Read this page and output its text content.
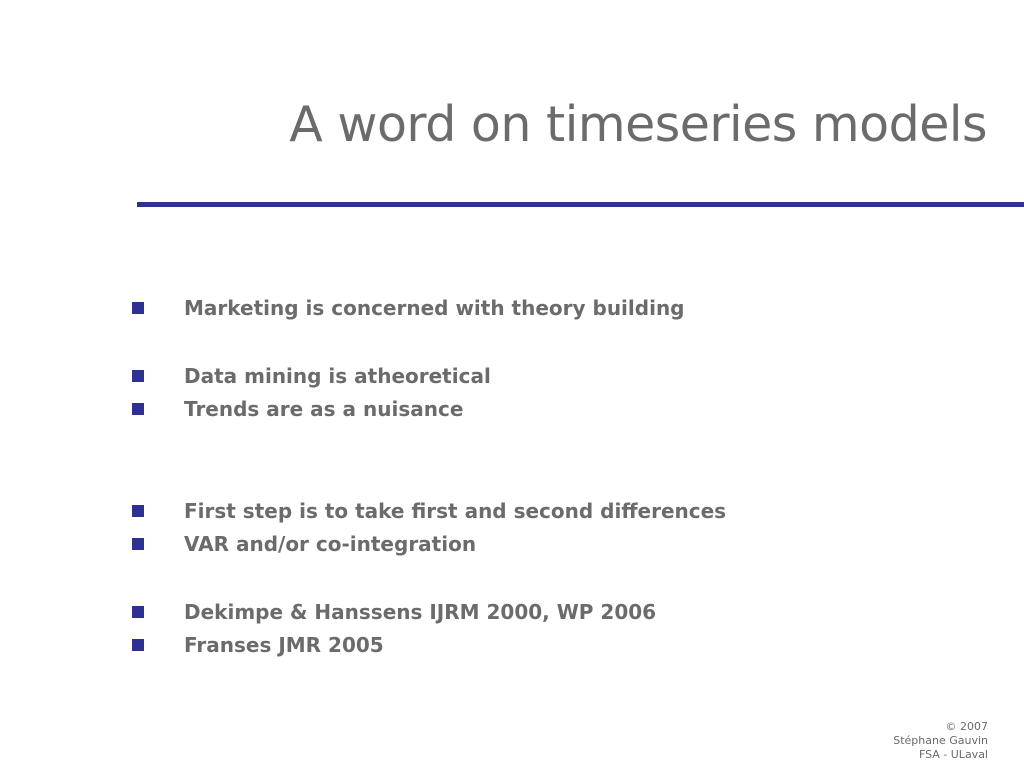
A word on timeseries models
Marketing is concerned with theory building
Data mining is atheoretical
Trends are as a nuisance
First step is to take first and second differences
VAR and/or co-integration
Dekimpe & Hanssens IJRM 2000, WP 2006
Franses JMR 2005
© 2007
Stéphane Gauvin
FSA - ULaval
